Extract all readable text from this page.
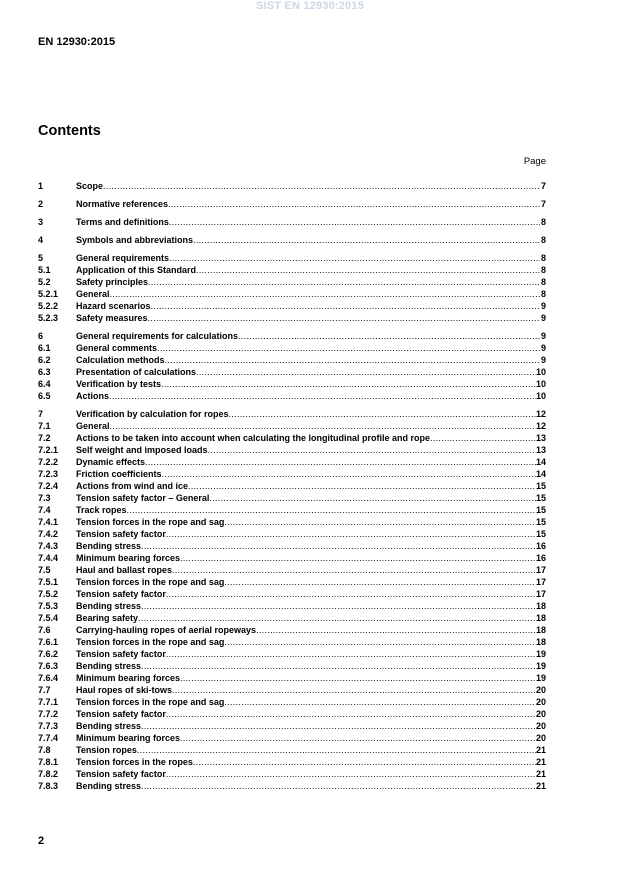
SIST EN 12930:2015
EN 12930:2015
Contents
Page
1	Scope .....	7
2	Normative references .....	7
3	Terms and definitions .....	8
4	Symbols and abbreviations .....	8
5	General requirements .....	8
5.1	Application of this Standard .....	8
5.2	Safety principles .....	8
5.2.1	General .....	8
5.2.2	Hazard scenarios .....	9
5.2.3	Safety measures .....	9
6	General requirements for calculations .....	9
6.1	General comments .....	9
6.2	Calculation methods .....	9
6.3	Presentation of calculations .....	10
6.4	Verification by tests .....	10
6.5	Actions .....	10
7	Verification by calculation for ropes .....	12
7.1	General .....	12
7.2	Actions to be taken into account when calculating the longitudinal profile and rope .....	13
7.2.1	Self weight and imposed loads .....	13
7.2.2	Dynamic effects .....	14
7.2.3	Friction coefficients .....	14
7.2.4	Actions from wind and ice .....	15
7.3	Tension safety factor – General .....	15
7.4	Track ropes .....	15
7.4.1	Tension forces in the rope and sag .....	15
7.4.2	Tension safety factor .....	15
7.4.3	Bending stress .....	16
7.4.4	Minimum bearing forces .....	16
7.5	Haul and ballast ropes .....	17
7.5.1	Tension forces in the rope and sag .....	17
7.5.2	Tension safety factor .....	17
7.5.3	Bending stress .....	18
7.5.4	Bearing safety .....	18
7.6	Carrying-hauling ropes of aerial ropeways .....	18
7.6.1	Tension forces in the rope and sag .....	18
7.6.2	Tension safety factor .....	19
7.6.3	Bending stress .....	19
7.6.4	Minimum bearing forces .....	19
7.7	Haul ropes of ski-tows .....	20
7.7.1	Tension forces in the rope and sag .....	20
7.7.2	Tension safety factor .....	20
7.7.3	Bending stress .....	20
7.7.4	Minimum bearing forces .....	20
7.8	Tension ropes .....	21
7.8.1	Tension forces in the ropes .....	21
7.8.2	Tension safety factor .....	21
7.8.3	Bending stress .....	21
2
